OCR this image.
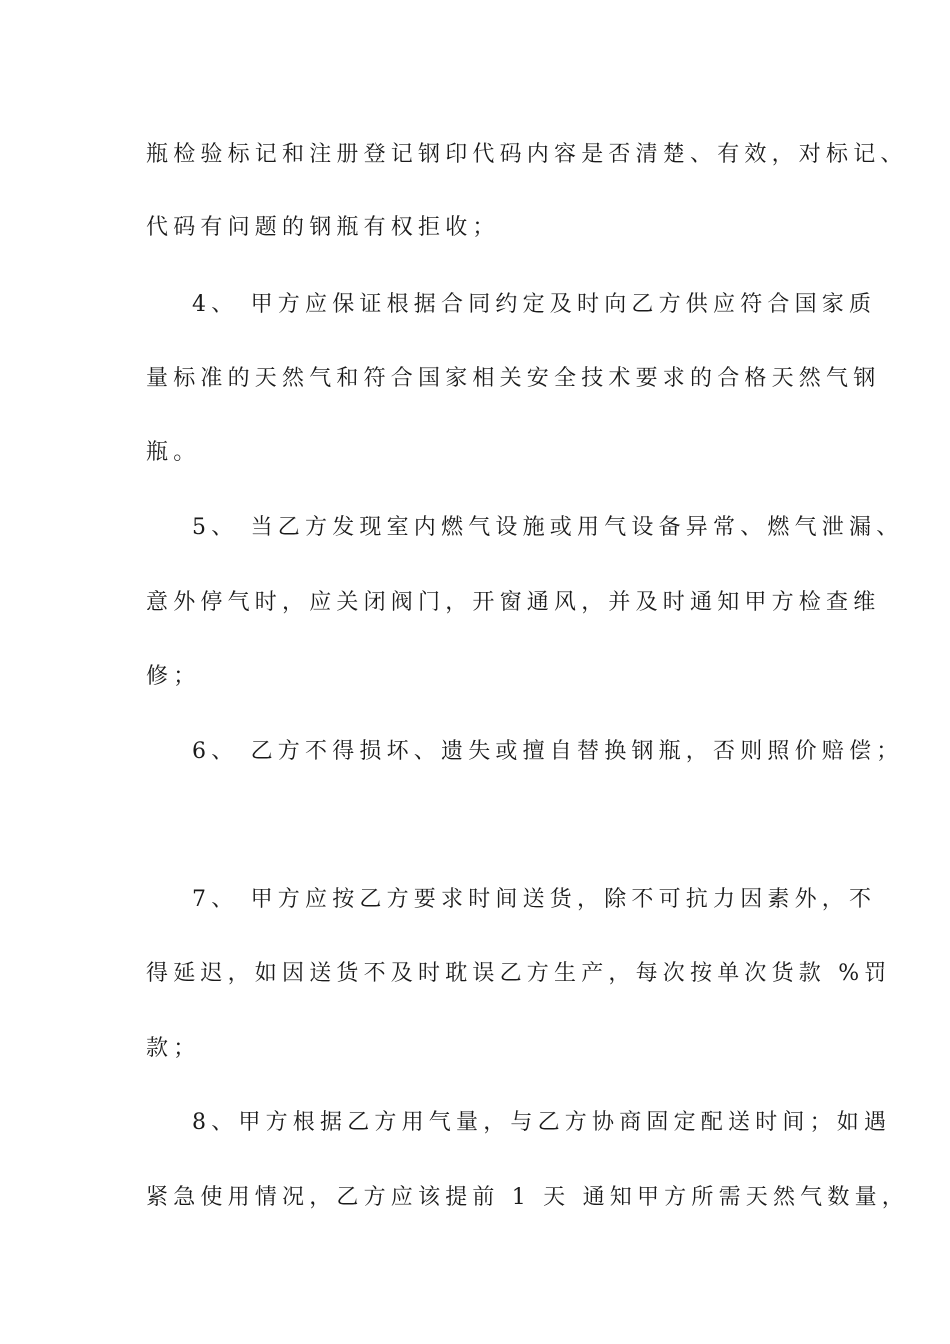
瓶检验标记和注册登记钢印代码内容是否清楚、有效，对标记、
代码有问题的钢瓶有权拒收；
4、 甲方应保证根据合同约定及时向乙方供应符合国家质
量标准的天然气和符合国家相关安全技术要求的合格天然气钢
瓶。
5、 当乙方发现室内燃气设施或用气设备异常、燃气泄漏、
意外停气时，应关闭阀门，开窗通风，并及时通知甲方检查维
修；
6、 乙方不得损坏、遗失或擅自替换钢瓶，否则照价赔偿；
7、 甲方应按乙方要求时间送货，除不可抗力因素外，不
得延迟，如因送货不及时耽误乙方生产，每次按单次货款 %罚
款；
8、甲方根据乙方用气量，与乙方协商固定配送时间；如遇
紧急使用情况，乙方应该提前 1 天 通知甲方所需天然气数量，
